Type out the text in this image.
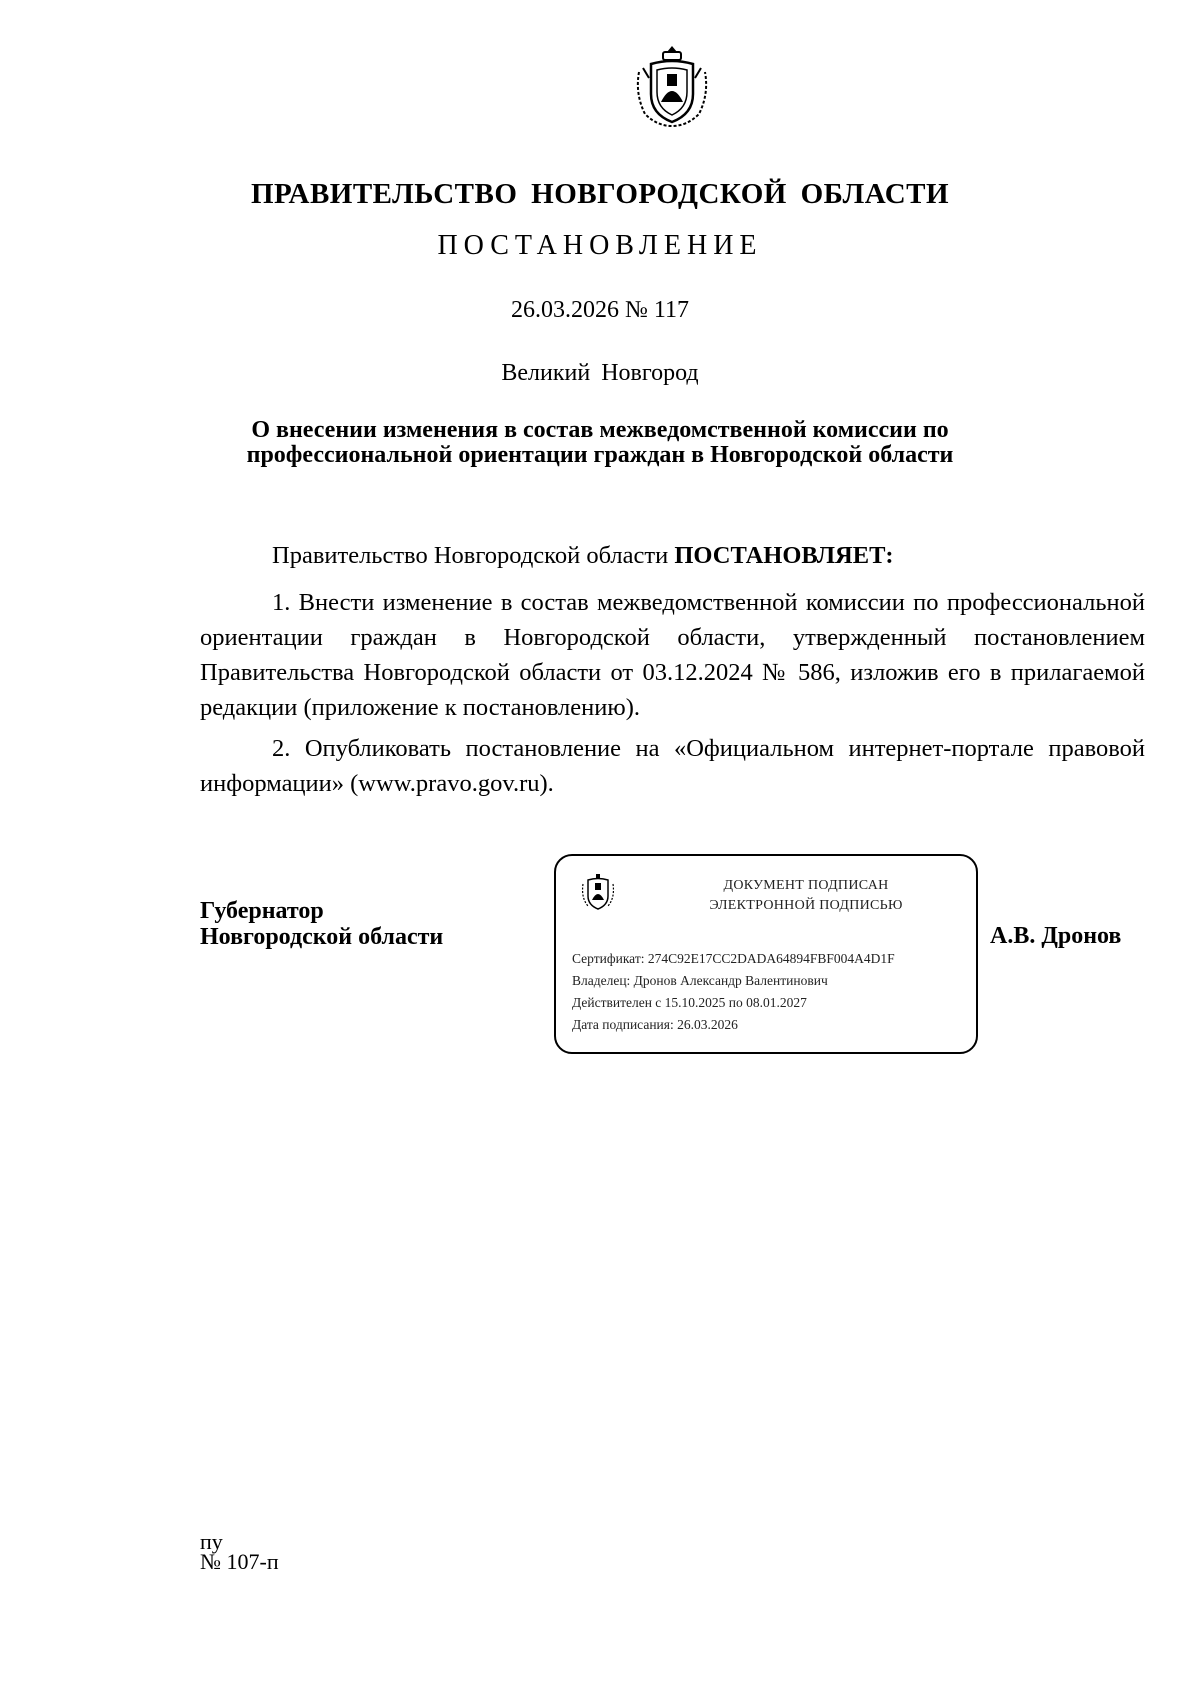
ПРАВИТЕЛЬСТВО НОВГОРОДСКОЙ ОБЛАСТИ
ПОСТАНОВЛЕНИЕ
26.03.2026 № 117
Великий Новгород
О внесении изменения в состав межведомственной комиссии по
профессиональной ориентации граждан в Новгородской области
Правительство Новгородской области ПОСТАНОВЛЯЕТ:
1. Внести изменение в состав межведомственной комиссии по профессиональной ориентации граждан в Новгородской области, утвержденный постановлением Правительства Новгородской области от 03.12.2024 № 586, изложив его в прилагаемой редакции (приложение к постановлению).
2. Опубликовать постановление на «Официальном интернет-портале правовой информации» (www.pravo.gov.ru).
Губернатор
Новгородской области
ДОКУМЕНТ ПОДПИСАН
ЭЛЕКТРОННОЙ ПОДПИСЬЮ
Сертификат: 274C92E17CC2DADA64894FBF004A4D1F
Владелец: Дронов Александр Валентинович
Действителен с 15.10.2025 по 08.01.2027
Дата подписания: 26.03.2026
А.В. Дронов
пу
№ 107-п
